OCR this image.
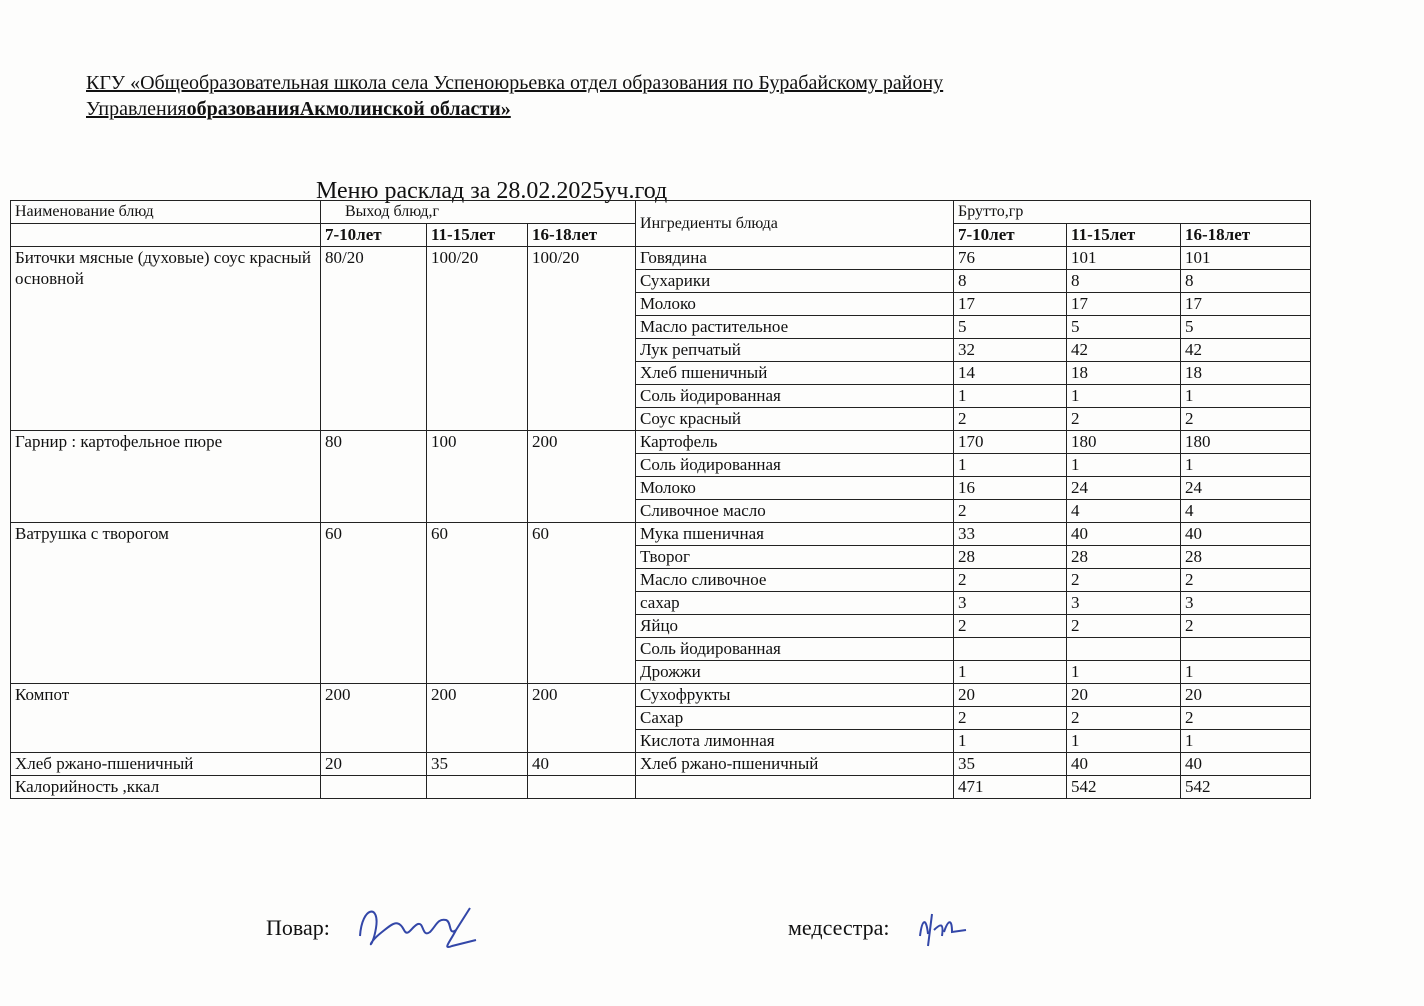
КГУ «Общеобразовательная школа села Успеноюрьевка отдел образования по Бурабайскому району
УправленияобразованияАкмолинской области»
Меню расклад за 28.02.2025уч.год
Наименование блюд	Выход блюд,г			Ингредиенты блюда	Брутто,гр		
	7-10лет	11-15лет	16-18лет		7-10лет	11-15лет	16-18лет
Биточки мясные (духовые) соус красный основной	80/20	100/20	100/20	Говядина	76	101	101
				Сухарики	8	8	8
				Молоко	17	17	17
				Масло растительное	5	5	5
				Лук репчатый	32	42	42
				Хлеб пшеничный	14	18	18
				Соль йодированная	1	1	1
				Соус красный	2	2	2
Гарнир : картофельное пюре	80	100	200	Картофель	170	180	180
				Соль йодированная	1	1	1
				Молоко	16	24	24
				Сливочное масло	2	4	4
Ватрушка с творогом	60	60	60	Мука пшеничная	33	40	40
				Творог	28	28	28
				Масло сливочное	2	2	2
				сахар	3	3	3
				Яйцо	2	2	2
				Соль йодированная			
				Дрожжи	1	1	1
Компот	200	200	200	Сухофрукты	20	20	20
				Сахар	2	2	2
				Кислота лимонная	1	1	1
Хлеб ржано-пшеничный	20	35	40	Хлеб ржано-пшеничный	35	40	40
Калорийность ,ккал					471	542	542
Повар:	медсестра:
